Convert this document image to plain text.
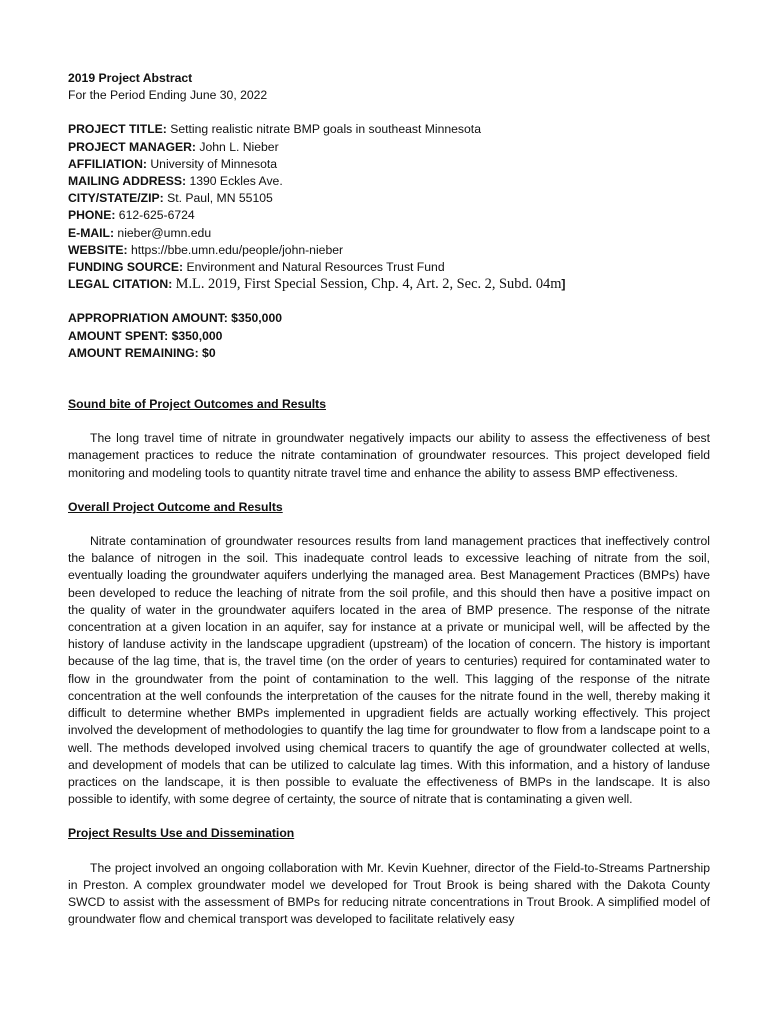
2019 Project Abstract
For the Period Ending June 30, 2022
PROJECT TITLE: Setting realistic nitrate BMP goals in southeast Minnesota
PROJECT MANAGER: John L. Nieber
AFFILIATION: University of Minnesota
MAILING ADDRESS: 1390 Eckles Ave.
CITY/STATE/ZIP: St. Paul, MN 55105
PHONE: 612-625-6724
E-MAIL: nieber@umn.edu
WEBSITE: https://bbe.umn.edu/people/john-nieber
FUNDING SOURCE: Environment and Natural Resources Trust Fund
LEGAL CITATION: M.L. 2019, First Special Session, Chp. 4, Art. 2, Sec. 2, Subd. 04m]
APPROPRIATION AMOUNT: $350,000
AMOUNT SPENT: $350,000
AMOUNT REMAINING: $0
Sound bite of Project Outcomes and Results

The long travel time of nitrate in groundwater negatively impacts our ability to assess the effectiveness of best management practices to reduce the nitrate contamination of groundwater resources. This project developed field monitoring and modeling tools to quantity nitrate travel time and enhance the ability to assess BMP effectiveness.

Overall Project Outcome and Results

Nitrate contamination of groundwater resources results from land management practices that ineffectively control the balance of nitrogen in the soil. This inadequate control leads to excessive leaching of nitrate from the soil, eventually loading the groundwater aquifers underlying the managed area. Best Management Practices (BMPs) have been developed to reduce the leaching of nitrate from the soil profile, and this should then have a positive impact on the quality of water in the groundwater aquifers located in the area of BMP presence. The response of the nitrate concentration at a given location in an aquifer, say for instance at a private or municipal well, will be affected by the history of landuse activity in the landscape upgradient (upstream) of the location of concern. The history is important because of the lag time, that is, the travel time (on the order of years to centuries) required for contaminated water to flow in the groundwater from the point of contamination to the well. This lagging of the response of the nitrate concentration at the well confounds the interpretation of the causes for the nitrate found in the well, thereby making it difficult to determine whether BMPs implemented in upgradient fields are actually working effectively. This project involved the development of methodologies to quantify the lag time for groundwater to flow from a landscape point to a well. The methods developed involved using chemical tracers to quantify the age of groundwater collected at wells, and development of models that can be utilized to calculate lag times. With this information, and a history of landuse practices on the landscape, it is then possible to evaluate the effectiveness of BMPs in the landscape. It is also possible to identify, with some degree of certainty, the source of nitrate that is contaminating a given well.

Project Results Use and Dissemination

The project involved an ongoing collaboration with Mr. Kevin Kuehner, director of the Field-to-Streams Partnership in Preston. A complex groundwater model we developed for Trout Brook is being shared with the Dakota County SWCD to assist with the assessment of BMPs for reducing nitrate concentrations in Trout Brook. A simplified model of groundwater flow and chemical transport was developed to facilitate relatively easy
